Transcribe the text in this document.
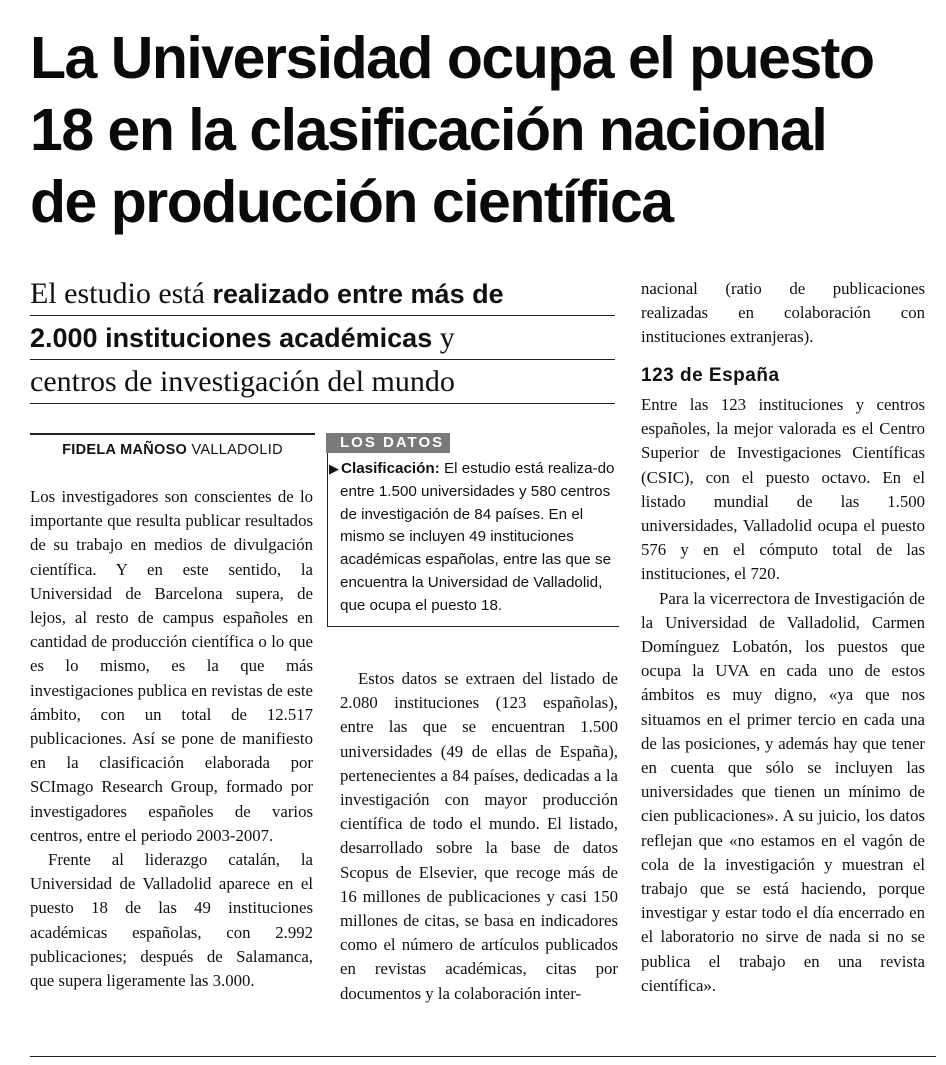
La Universidad ocupa el puesto
18 en la clasificación nacional
de producción científica
El estudio está realizado entre más de
2.000 instituciones académicas y
centros de investigación del mundo
FIDELA MAÑOSO VALLADOLID

Los investigadores son conscientes de lo importante que resulta publicar resultados de su trabajo en medios de divulgación científica. Y en este sentido, la Universidad de Barcelona supera, de lejos, al resto de campus españoles en cantidad de producción científica o lo que es lo mismo, es la que más investigaciones publica en revistas de este ámbito, con un total de 12.517 publicaciones. Así se pone de manifiesto en la clasificación elaborada por SCImago Research Group, formado por investigadores españoles de varios centros, entre el periodo 2003-2007.

Frente al liderazgo catalán, la Universidad de Valladolid aparece en el puesto 18 de las 49 instituciones académicas españolas, con 2.992 publicaciones; después de Salamanca, que supera ligeramente las 3.000.

LOS DATOS
▶ Clasificación: El estudio está realiza-do entre 1.500 universidades y 580 centros de investigación de 84 países. En el mismo se incluyen 49 instituciones académicas españolas, entre las que se encuentra la Universidad de Valladolid, que ocupa el puesto 18.

Estos datos se extraen del listado de 2.080 instituciones (123 españolas), entre las que se encuentran 1.500 universidades (49 de ellas de España), pertenecientes a 84 países, dedicadas a la investigación con mayor producción científica de todo el mundo. El listado, desarrollado sobre la base de datos Scopus de Elsevier, que recoge más de 16 millones de publicaciones y casi 150 millones de citas, se basa en indicadores como el número de artículos publicados en revistas académicas, citas por documentos y la colaboración inter-

nacional (ratio de publicaciones realizadas en colaboración con instituciones extranjeras).

123 de España

Entre las 123 instituciones y centros españoles, la mejor valorada es el Centro Superior de Investigaciones Científicas (CSIC), con el puesto octavo. En el listado mundial de las 1.500 universidades, Valladolid ocupa el puesto 576 y en el cómputo total de las instituciones, el 720.

Para la vicerrectora de Investigación de la Universidad de Valladolid, Carmen Domínguez Lobatón, los puestos que ocupa la UVA en cada uno de estos ámbitos es muy digno, «ya que nos situamos en el primer tercio en cada una de las posiciones, y además hay que tener en cuenta que sólo se incluyen las universidades que tienen un mínimo de cien publicaciones». A su juicio, los datos reflejan que «no estamos en el vagón de cola de la investigación y muestran el trabajo que se está haciendo, porque investigar y estar todo el día encerrado en el laboratorio no sirve de nada si no se publica el trabajo en una revista científica».
